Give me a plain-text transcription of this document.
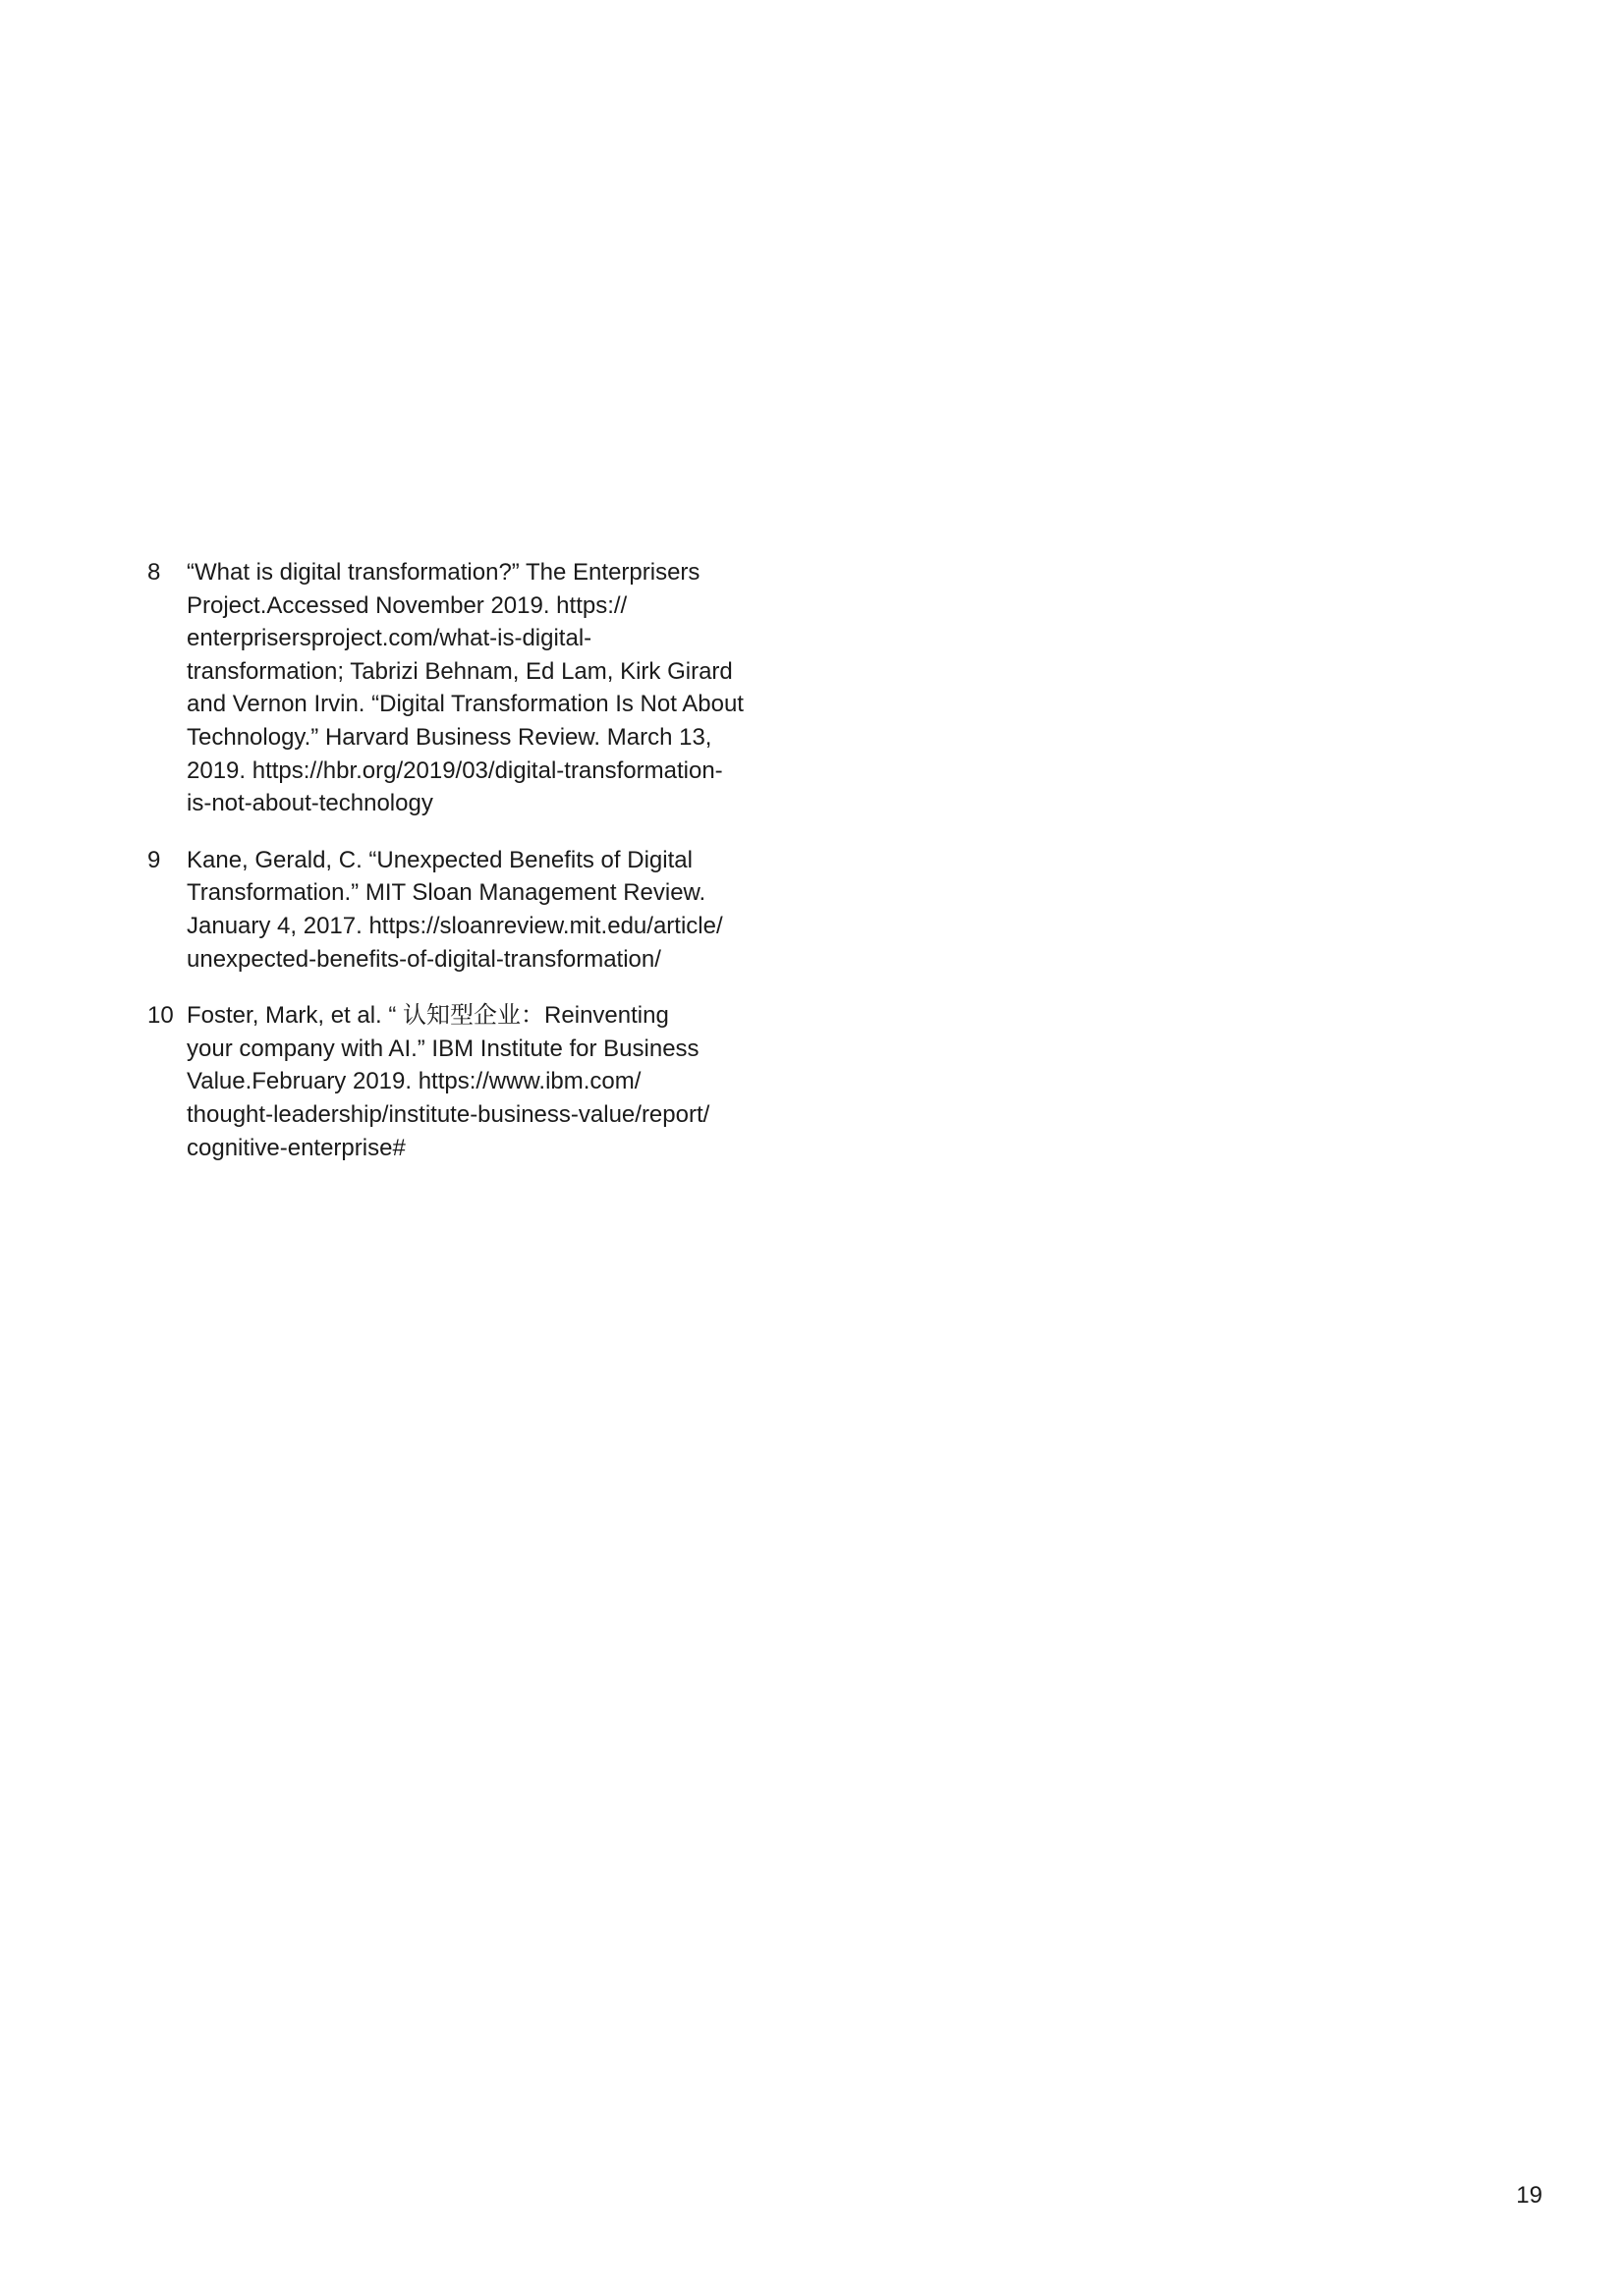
8	“What is digital transformation?” The Enterprisers
Project.Accessed November 2019. https://
enterprisersproject.com/what-is-digital-
transformation; Tabrizi Behnam, Ed Lam, Kirk Girard
and Vernon Irvin. “Digital Transformation Is Not About
Technology.” Harvard Business Review. March 13,
2019. https://hbr.org/2019/03/digital-transformation-
is-not-about-technology
9	Kane, Gerald, C. “Unexpected Benefits of Digital
Transformation.” MIT Sloan Management Review.
January 4, 2017. https://sloanreview.mit.edu/article/
unexpected-benefits-of-digital-transformation/
10 Foster, Mark, et al. “ 认知型企业：Reinventing
your company with AI.” IBM Institute for Business
Value.February 2019. https://www.ibm.com/
thought-leadership/institute-business-value/report/
cognitive-enterprise#
19
